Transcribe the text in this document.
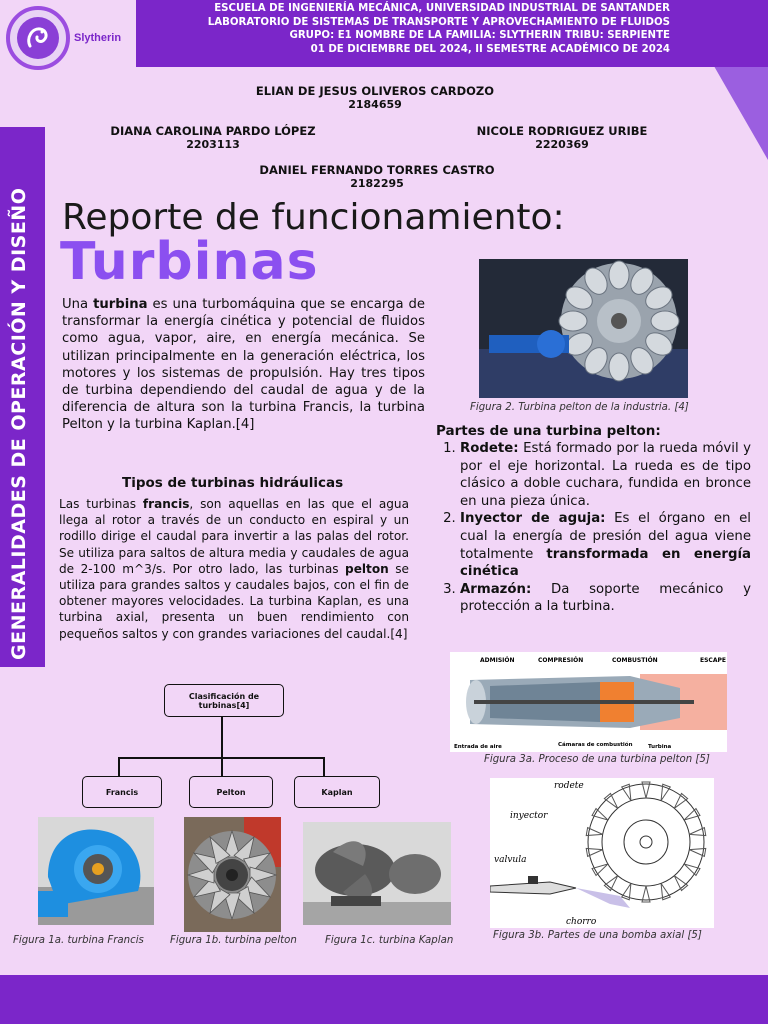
ESCUELA DE INGENIERÍA MECÁNICA, UNIVERSIDAD INDUSTRIAL DE SANTANDER
LABORATORIO DE SISTEMAS DE TRANSPORTE Y APROVECHAMIENTO DE FLUIDOS
GRUPO: E1 NOMBRE DE LA FAMILIA: SLYTHERIN TRIBU: SERPIENTE
01 DE DICIEMBRE DEL 2024, II SEMESTRE ACADÉMICO DE 2024
Slytherin
GENERALIDADES DE OPERACIÓN Y DISEÑO
ELIAN DE JESUS OLIVEROS CARDOZO
2184659
DIANA CAROLINA PARDO LÓPEZ
2203113
NICOLE RODRIGUEZ URIBE
2220369
DANIEL FERNANDO TORRES CASTRO
2182295
Reporte de funcionamiento:
Turbinas
Una turbina es una turbomáquina que se encarga de transformar la energía cinética y potencial de fluidos como agua, vapor, aire, en energía mecánica. Se utilizan principalmente en la generación eléctrica, los motores y los sistemas de propulsión. Hay tres tipos de turbina dependiendo del caudal de agua y de la diferencia de altura son la turbina Francis, la turbina Pelton y la turbina Kaplan.[4]
Tipos de turbinas hidráulicas
Las turbinas francis, son aquellas en las que el agua llega al rotor a través de un conducto en espiral y un rodillo dirige el caudal para invertir a las palas del rotor. Se utiliza para saltos de altura media y caudales de agua de 2-100 m^3/s. Por otro lado, las turbinas pelton se utiliza para grandes saltos y caudales bajos, con el fin de obtener mayores velocidades. La turbina Kaplan, es una turbina axial, presenta un buen rendimiento con pequeños saltos y con grandes variaciones del caudal.[4]
Clasificación de turbinas[4]
Francis	Pelton	Kaplan
Figura 1a. turbina Francis	Figura 1b. turbina pelton	Figura 1c. turbina Kaplan
Figura 2. Turbina pelton de la industria. [4]
Partes de una turbina pelton:
1. Rodete: Está formado por la rueda móvil y por el eje horizontal. La rueda es de tipo clásico a doble cuchara, fundida en bronce en una pieza única.
2. Inyector de aguja: Es el órgano en el cual la energía de presión del agua viene totalmente transformada en energía cinética
3. Armazón: Da soporte mecánico y protección a la turbina.
ADMISIÓN	COMPRESIÓN	COMBUSTIÓN	ESCAPE
Entrada de aire	Cámaras de combustión	Turbina
Figura 3a. Proceso de una turbina pelton [5]
rodete
inyector
valvula
chorro
Figura 3b. Partes de una bomba axial [5]
